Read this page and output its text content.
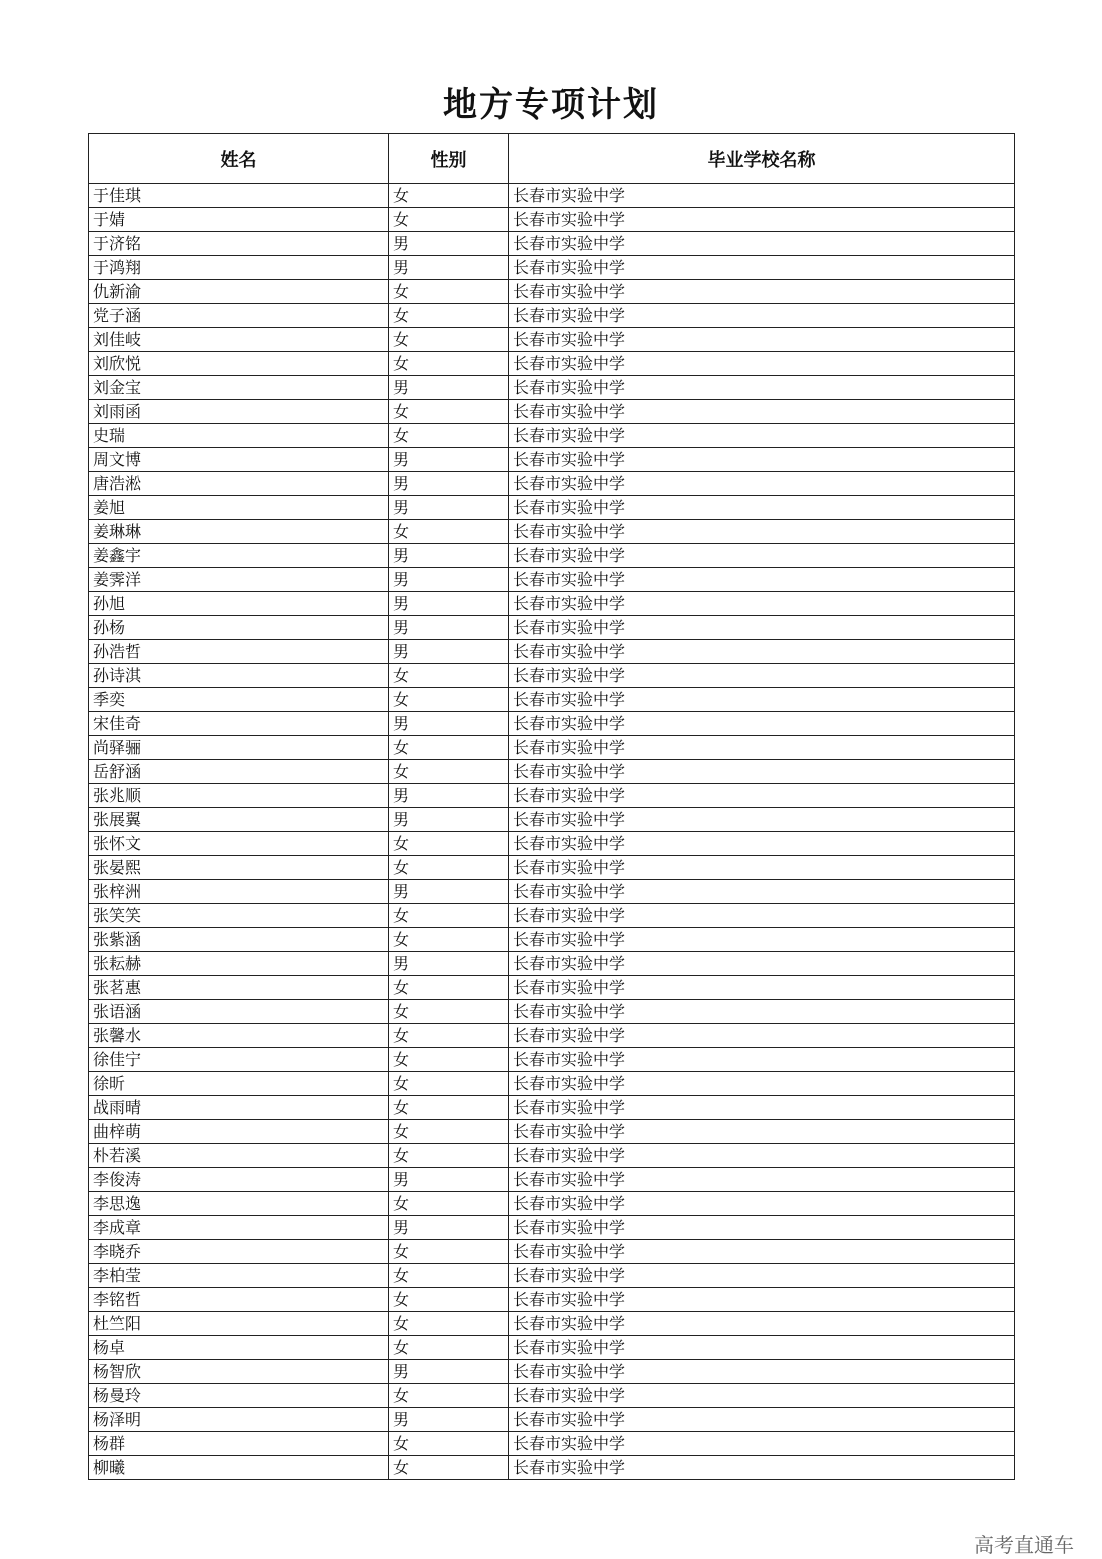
地方专项计划
姓名	性别	毕业学校名称
于佳琪	女	长春市实验中学
于婧	女	长春市实验中学
于济铭	男	长春市实验中学
于鸿翔	男	长春市实验中学
仇新渝	女	长春市实验中学
党子涵	女	长春市实验中学
刘佳岐	女	长春市实验中学
刘欣悦	女	长春市实验中学
刘金宝	男	长春市实验中学
刘雨函	女	长春市实验中学
史瑞	女	长春市实验中学
周文博	男	长春市实验中学
唐浩淞	男	长春市实验中学
姜旭	男	长春市实验中学
姜琳琳	女	长春市实验中学
姜鑫宇	男	长春市实验中学
姜霁洋	男	长春市实验中学
孙旭	男	长春市实验中学
孙杨	男	长春市实验中学
孙浩哲	男	长春市实验中学
孙诗淇	女	长春市实验中学
季奕	女	长春市实验中学
宋佳奇	男	长春市实验中学
尚驿骊	女	长春市实验中学
岳舒涵	女	长春市实验中学
张兆顺	男	长春市实验中学
张展翼	男	长春市实验中学
张怀文	女	长春市实验中学
张晏熙	女	长春市实验中学
张梓洲	男	长春市实验中学
张笑笑	女	长春市实验中学
张紫涵	女	长春市实验中学
张耘赫	男	长春市实验中学
张茗惠	女	长春市实验中学
张语涵	女	长春市实验中学
张馨水	女	长春市实验中学
徐佳宁	女	长春市实验中学
徐昕	女	长春市实验中学
战雨晴	女	长春市实验中学
曲梓萌	女	长春市实验中学
朴若溪	女	长春市实验中学
李俊涛	男	长春市实验中学
李思逸	女	长春市实验中学
李成章	男	长春市实验中学
李晓乔	女	长春市实验中学
李柏莹	女	长春市实验中学
李铭哲	女	长春市实验中学
杜竺阳	女	长春市实验中学
杨卓	女	长春市实验中学
杨智欣	男	长春市实验中学
杨曼玲	女	长春市实验中学
杨泽明	男	长春市实验中学
杨群	女	长春市实验中学
柳曦	女	长春市实验中学
高考直通车
